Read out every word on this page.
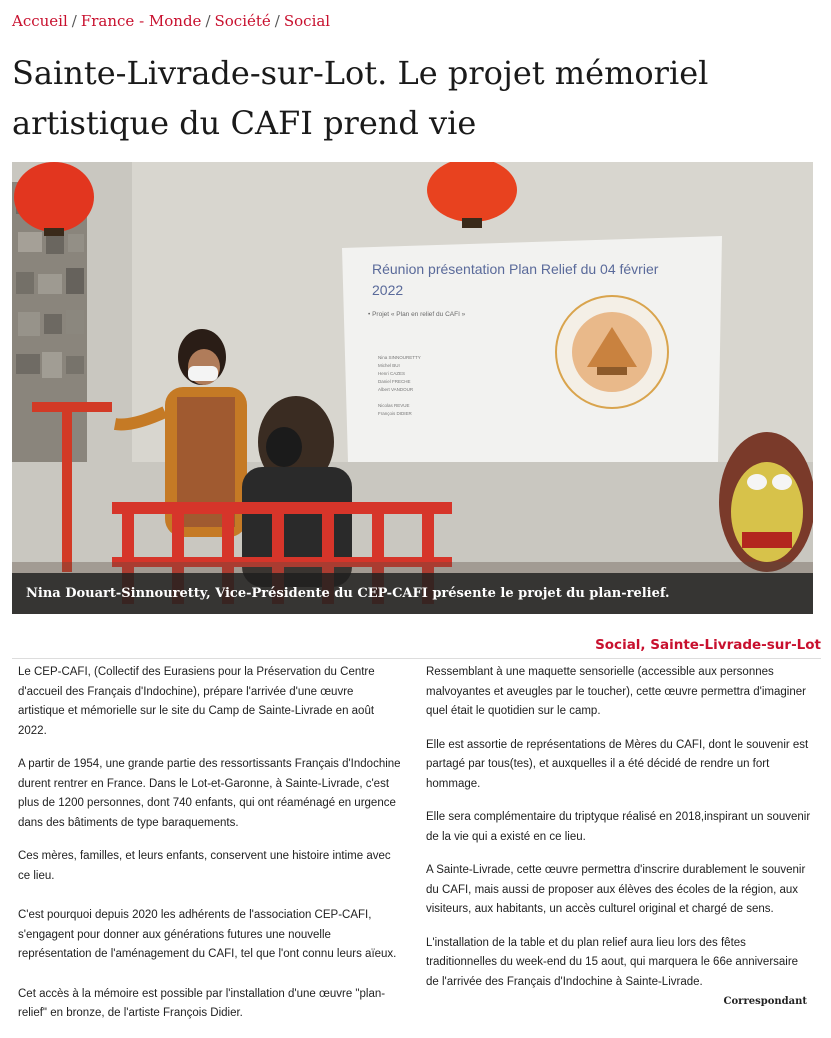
Accueil / France - Monde / Société / Social
Sainte-Livrade-sur-Lot. Le projet mémoriel artistique du CAFI prend vie
Réunion présentation Plan Relief du 04 février
2022
• Projet « Plan en relief du CAFI »
Nina SINNOURETTY
Michel BUI
Henri CAZES
Daniel FRECHE
Albert VANDOUR
Nicolas REVUE
François DIDIER
Nina Douart-Sinnouretty, Vice-Présidente du CEP-CAFI présente le projet du plan-relief.
Social, Sainte-Livrade-sur-Lot

Le CEP-CAFI, (Collectif des Eurasiens pour la Préservation du Centre d'accueil des Français d'Indochine), prépare l'arrivée d'une œuvre artistique et mémorielle sur le site du Camp de Sainte-Livrade en août 2022.

A partir de 1954, une grande partie des ressortissants Français d'Indochine durent rentrer en France. Dans le Lot-et-Garonne, à Sainte-Livrade, c'est plus de 1200 personnes, dont 740 enfants, qui ont réaménagé en urgence dans des bâtiments de type baraquements.

Ces mères, familles, et leurs enfants, conservent une histoire intime avec ce lieu.

C'est pourquoi depuis 2020 les adhérents de l'association CEP-CAFI, s'engagent pour donner aux générations futures une nouvelle représentation de l'aménagement du CAFI, tel que l'ont connu leurs aïeux.

Cet accès à la mémoire est possible par l'installation d'une œuvre "plan-relief" en bronze, de l'artiste François Didier.

Ressemblant à une maquette sensorielle (accessible aux personnes malvoyantes et aveugles par le toucher), cette œuvre permettra d'imaginer quel était le quotidien sur le camp.

Elle est assortie de représentations de Mères du CAFI, dont le souvenir est partagé par tous(tes), et auxquelles il a été décidé de rendre un fort hommage.

Elle sera complémentaire du triptyque réalisé en 2018,inspirant un souvenir de la vie qui a existé en ce lieu.

A Sainte-Livrade, cette œuvre permettra d'inscrire durablement le souvenir du CAFI, mais aussi de proposer aux élèves des écoles de la région, aux visiteurs, aux habitants, un accès culturel original et chargé de sens.

L'installation de la table et du plan relief aura lieu lors des fêtes traditionnelles du week-end du 15 aout, qui marquera le 66e anniversaire de l'arrivée des Français d'Indochine à Sainte-Livrade.

Correspondant
